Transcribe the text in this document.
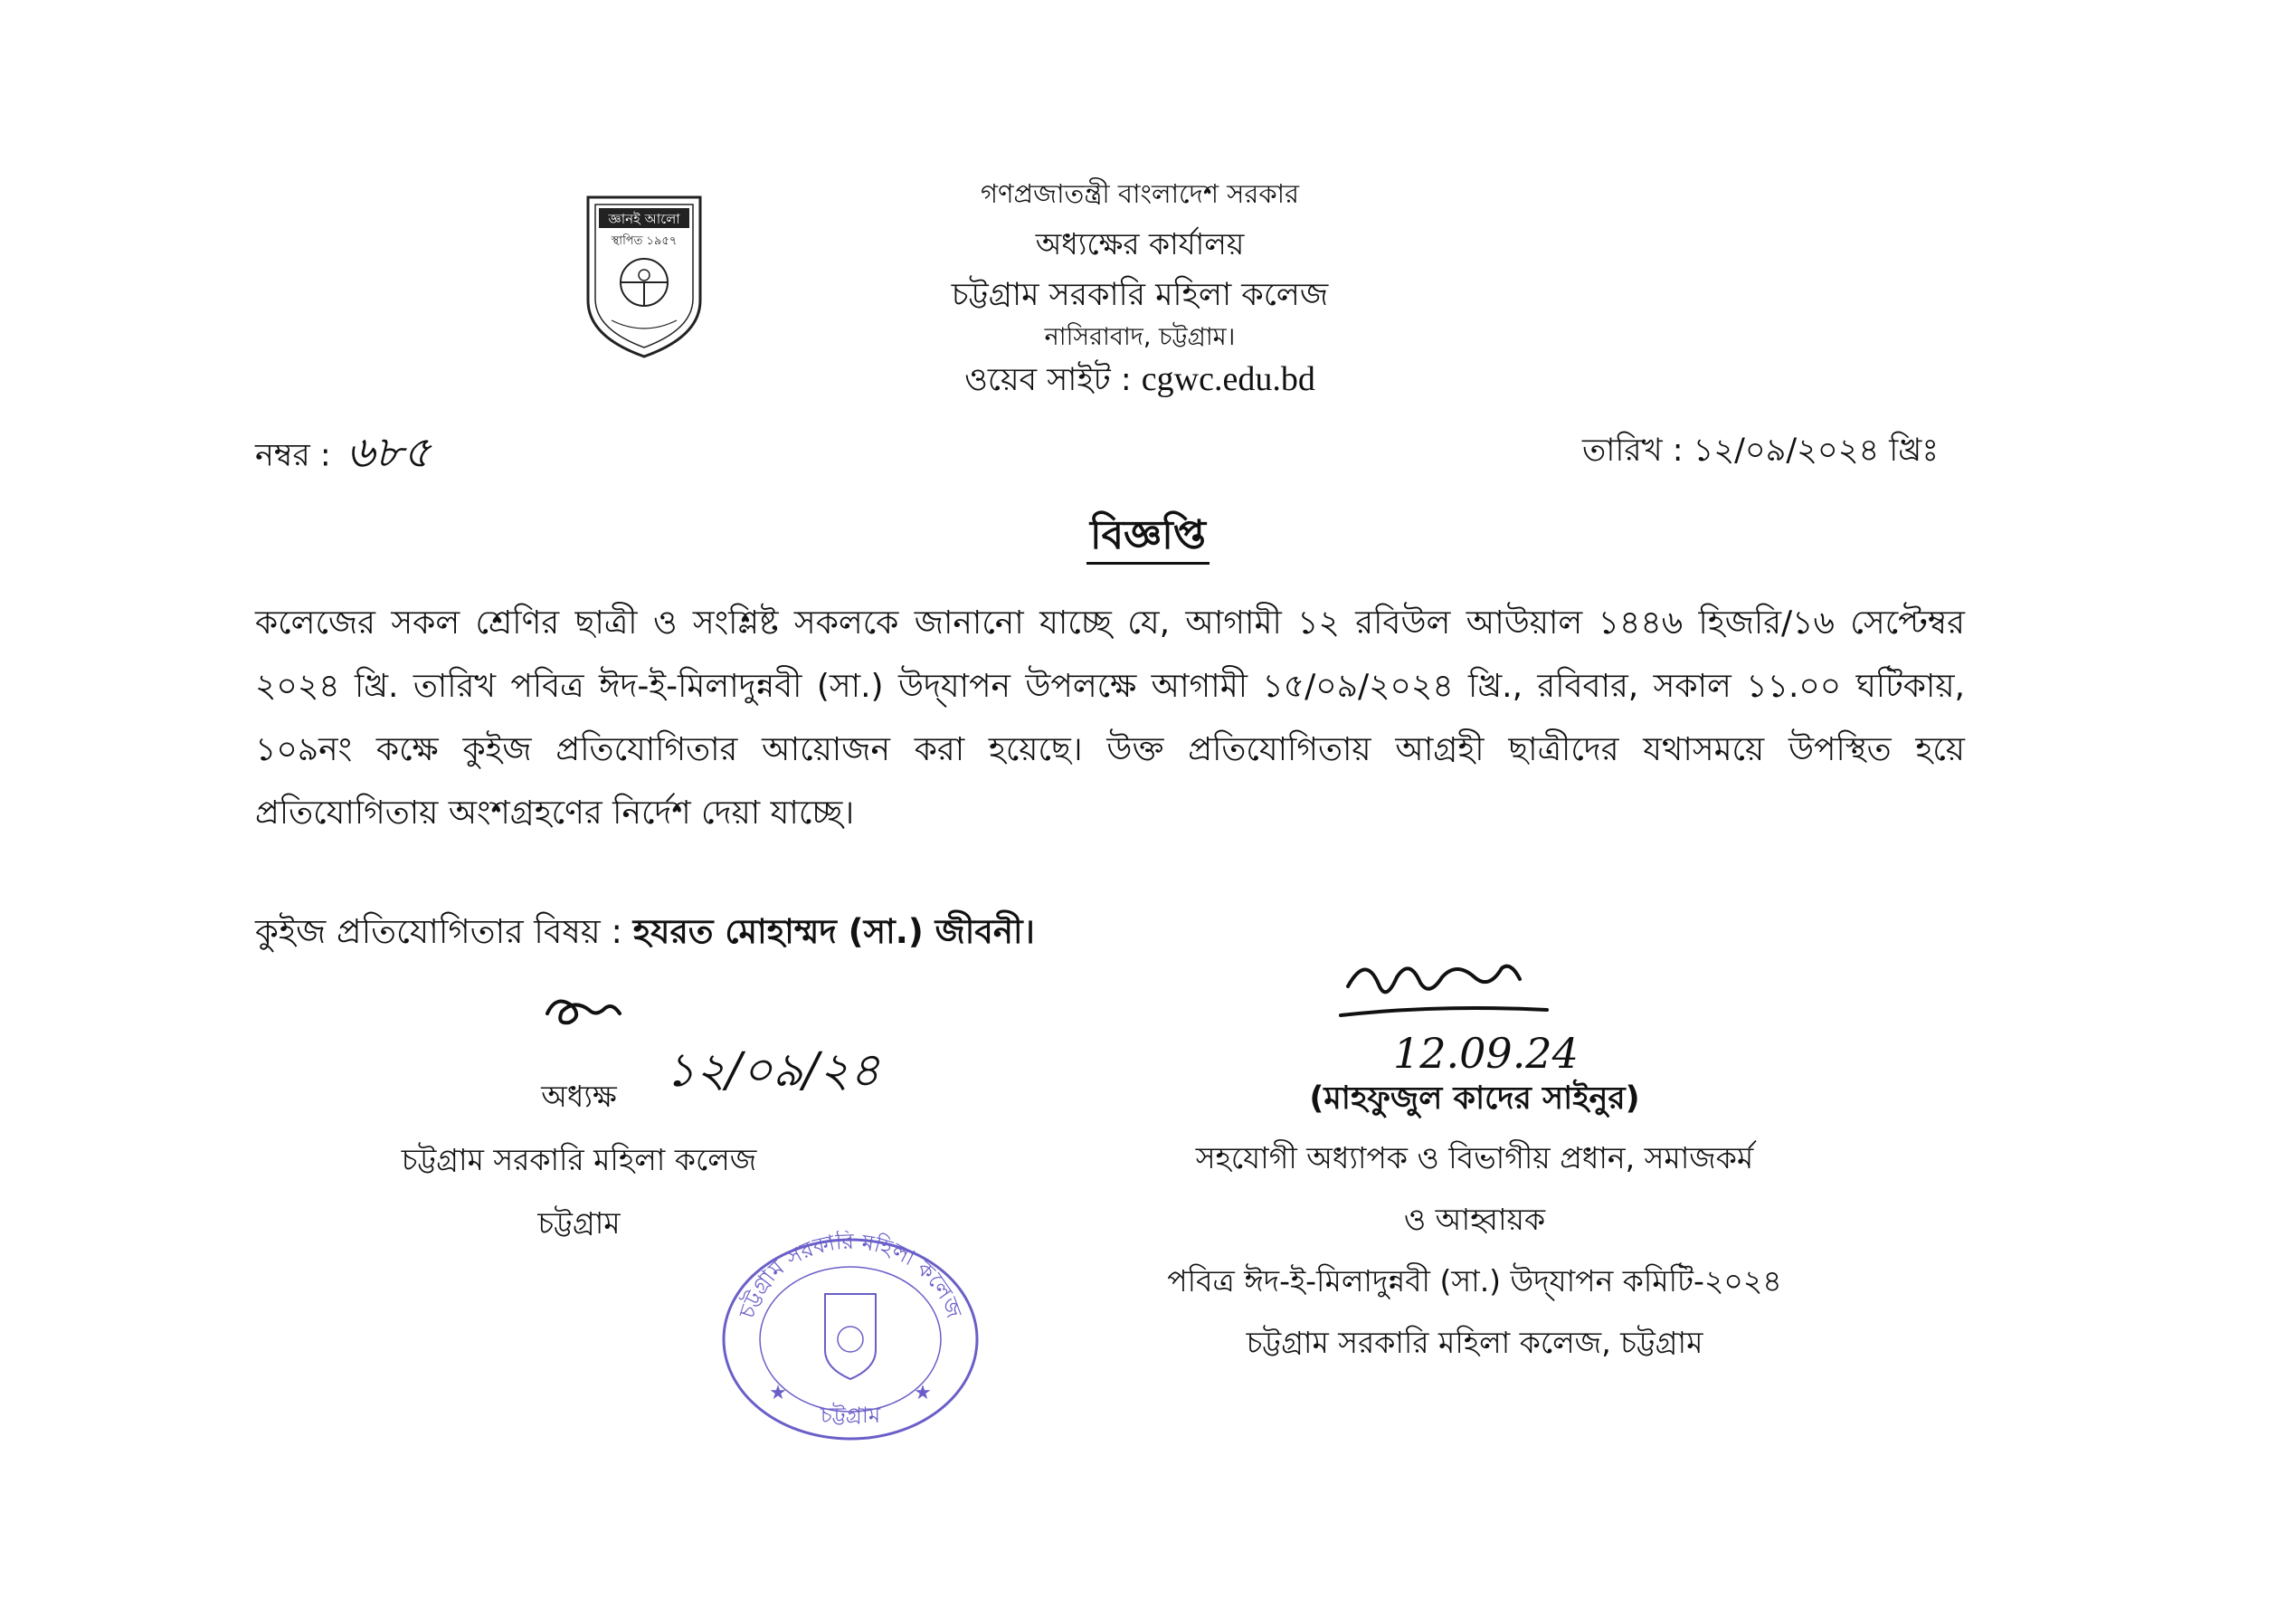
জ্ঞানই আলো
স্থাপিত ১৯৫৭
গণপ্রজাতন্ত্রী বাংলাদেশ সরকার
অধ্যক্ষের কার্যালয়
চট্টগ্রাম সরকারি মহিলা কলেজ
নাসিরাবাদ, চট্টগ্রাম।
ওয়েব সাইট : cgwc.edu.bd
নম্বর : ৬৮৫	তারিখ : ১২/০৯/২০২৪ খ্রিঃ
বিজ্ঞপ্তি
কলেজের সকল শ্রেণির ছাত্রী ও সংশ্লিষ্ট সকলকে জানানো যাচ্ছে যে, আগামী ১২ রবিউল আউয়াল ১৪৪৬ হিজরি/১৬ সেপ্টেম্বর ২০২৪ খ্রি. তারিখ পবিত্র ঈদ-ই-মিলাদুন্নবী (সা.) উদ্‌যাপন উপলক্ষে আগামী ১৫/০৯/২০২৪ খ্রি., রবিবার, সকাল ১১.০০ ঘটিকায়, ১০৯নং কক্ষে কুইজ প্রতিযোগিতার আয়োজন করা হয়েছে। উক্ত প্রতিযোগিতায় আগ্রহী ছাত্রীদের যথাসময়ে উপস্থিত হয়ে প্রতিযোগিতায় অংশগ্রহণের নির্দেশ দেয়া যাচ্ছে।
কুইজ প্রতিযোগিতার বিষয় : হযরত মোহাম্মদ (সা.) জীবনী।
১২/০৯/২৪
অধ্যক্ষ
চট্টগ্রাম সরকারি মহিলা কলেজ
চট্টগ্রাম
চট্টগ্রাম সরকারি মহিলা কলেজ
★	★
চট্টগ্রাম
12.09.24
(মাহফুজুল কাদের সাইনুর)
সহযোগী অধ্যাপক ও বিভাগীয় প্রধান, সমাজকর্ম
ও আহ্বায়ক
পবিত্র ঈদ-ই-মিলাদুন্নবী (সা.) উদ্‌যাপন কমিটি-২০২৪
চট্টগ্রাম সরকারি মহিলা কলেজ, চট্টগ্রাম
